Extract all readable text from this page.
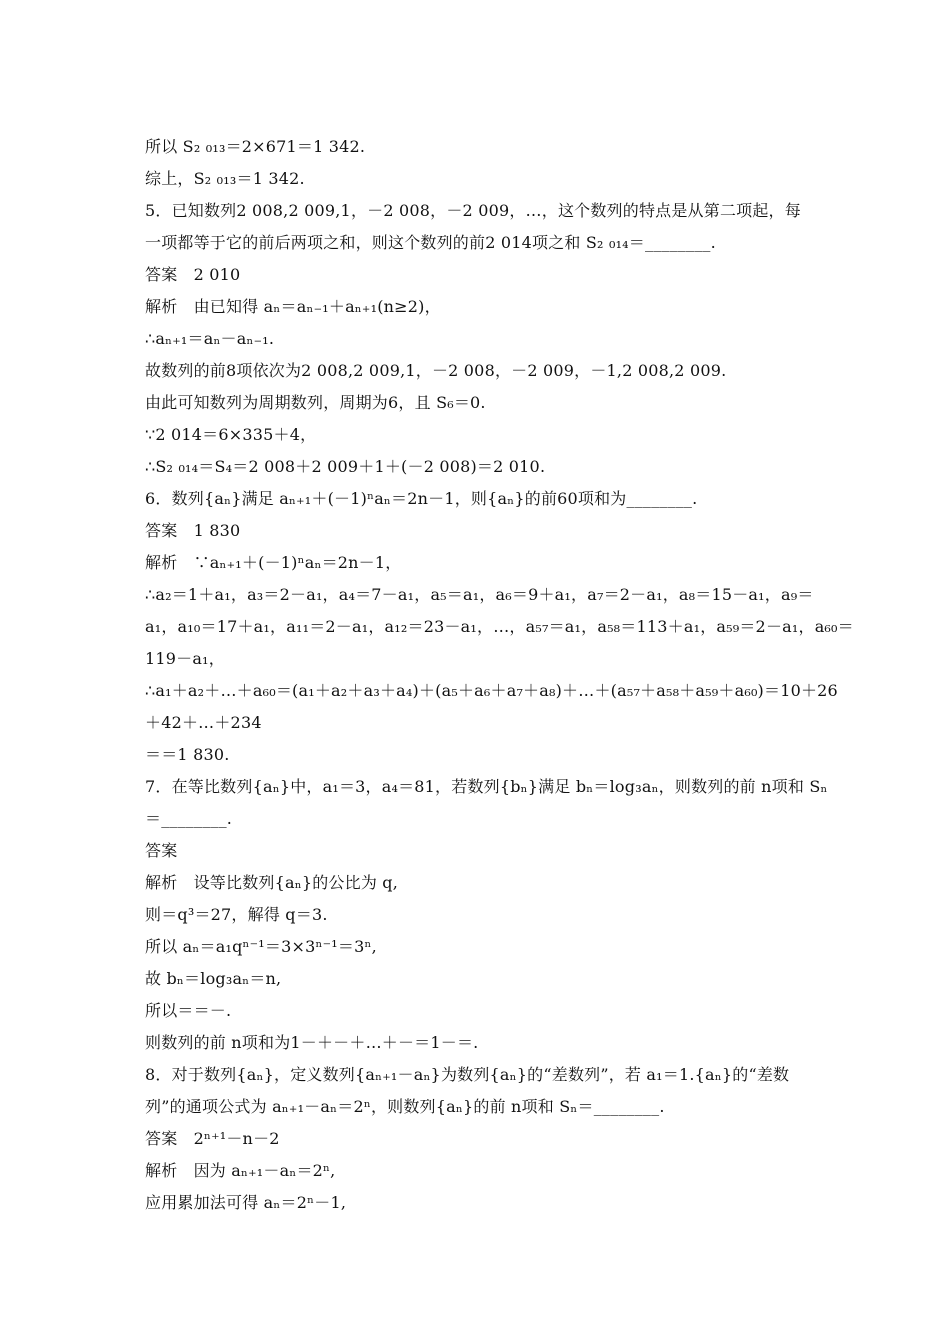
所以 S₂ ₀₁₃＝2×671＝1 342.
综上，S₂ ₀₁₃＝1 342.
5．已知数列2 008,2 009,1，－2 008，－2 009，…，这个数列的特点是从第二项起，每
一项都等于它的前后两项之和，则这个数列的前2 014项之和 S₂ ₀₁₄＝________.
答案　2 010
解析　由已知得 aₙ＝aₙ₋₁＋aₙ₊₁(n≥2)，
∴aₙ₊₁＝aₙ－aₙ₋₁.
故数列的前8项依次为2 008,2 009,1，－2 008，－2 009，－1,2 008,2 009.
由此可知数列为周期数列，周期为6，且 S₆＝0.
∵2 014＝6×335＋4，
∴S₂ ₀₁₄＝S₄＝2 008＋2 009＋1＋(－2 008)＝2 010.
6．数列{aₙ}满足 aₙ₊₁＋(－1)ⁿaₙ＝2n－1，则{aₙ}的前60项和为________.
答案　1 830
解析　∵aₙ₊₁＋(－1)ⁿaₙ＝2n－1，
∴a₂＝1＋a₁，a₃＝2－a₁，a₄＝7－a₁，a₅＝a₁，a₆＝9＋a₁，a₇＝2－a₁，a₈＝15－a₁，a₉＝
a₁，a₁₀＝17＋a₁，a₁₁＝2－a₁，a₁₂＝23－a₁，…，a₅₇＝a₁，a₅₈＝113＋a₁，a₅₉＝2－a₁，a₆₀＝
119－a₁，
∴a₁＋a₂＋…＋a₆₀＝(a₁＋a₂＋a₃＋a₄)＋(a₅＋a₆＋a₇＋a₈)＋…＋(a₅₇＋a₅₈＋a₅₉＋a₆₀)＝10＋26
＋42＋…＋234
＝＝1 830.
7．在等比数列{aₙ}中，a₁＝3，a₄＝81，若数列{bₙ}满足 bₙ＝log₃aₙ，则数列的前 n项和 Sₙ
＝________.
答案
解析　设等比数列{aₙ}的公比为 q,
则＝q³＝27，解得 q＝3.
所以 aₙ＝a₁qⁿ⁻¹＝3×3ⁿ⁻¹＝3ⁿ,
故 bₙ＝log₃aₙ＝n,
所以＝＝－.
则数列的前 n项和为1－＋－＋…＋－＝1－＝.
8．对于数列{aₙ}，定义数列{aₙ₊₁－aₙ}为数列{aₙ}的“差数列”，若 a₁＝1.{aₙ}的“差数
列”的通项公式为 aₙ₊₁－aₙ＝2ⁿ，则数列{aₙ}的前 n项和 Sₙ＝________.
答案　2ⁿ⁺¹－n－2
解析　因为 aₙ₊₁－aₙ＝2ⁿ,
应用累加法可得 aₙ＝2ⁿ－1,
